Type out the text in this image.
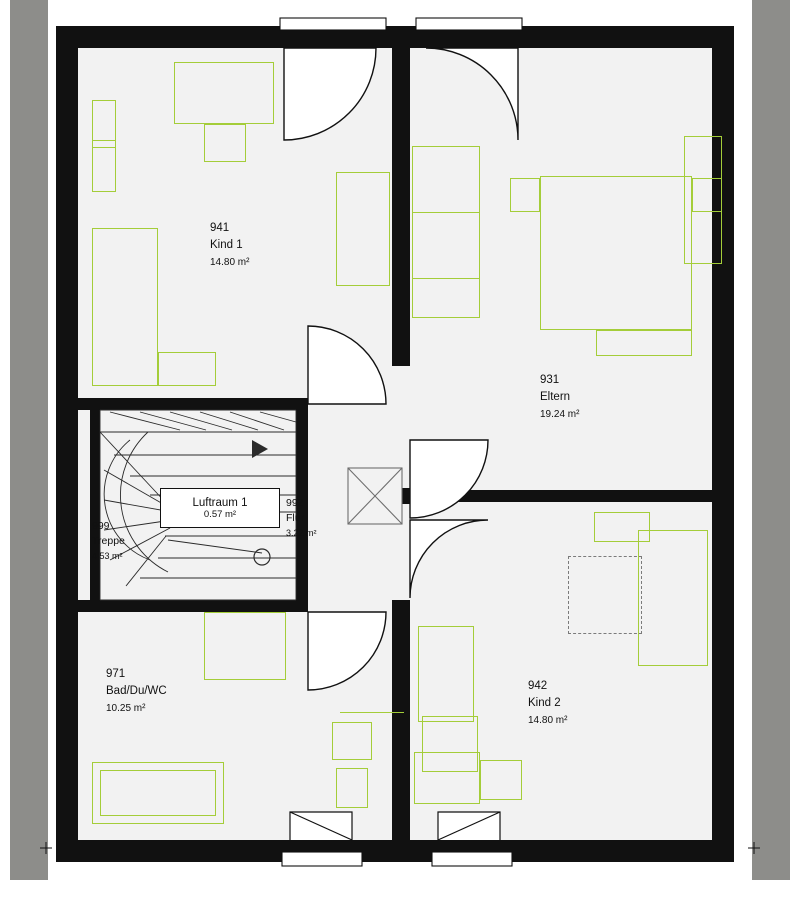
941
Kind 1
14.80 m²
931
Eltern
19.24 m²
999
Treppe
4.53 m²
992
Flur
3.22 m²
971
Bad/Du/WC
10.25 m²
942
Kind 2
14.80 m²
Luftraum 1
0.57 m²
